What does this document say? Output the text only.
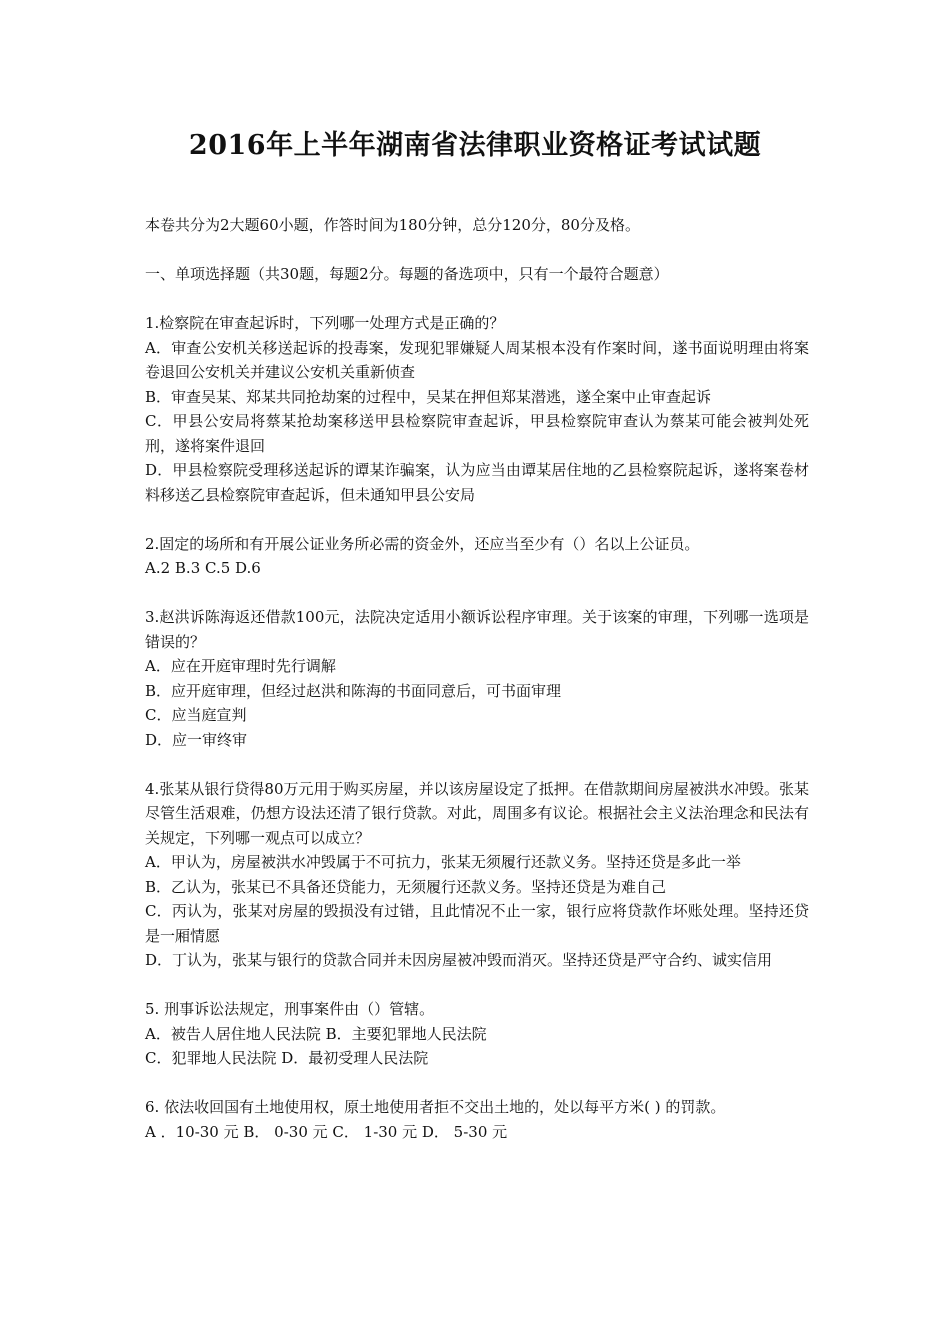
2016年上半年湖南省法律职业资格证考试试题

本卷共分为2大题60小题，作答时间为180分钟，总分120分，80分及格。

一、单项选择题（共30题，每题2分。每题的备选项中，只有一个最符合题意）

1.检察院在审查起诉时，下列哪一处理方式是正确的？

A．审查公安机关移送起诉的投毒案，发现犯罪嫌疑人周某根本没有作案时间，遂书面说明理由将案卷退回公安机关并建议公安机关重新侦查

B．审查吴某、郑某共同抢劫案的过程中，吴某在押但郑某潜逃，遂全案中止审查起诉

C．甲县公安局将蔡某抢劫案移送甲县检察院审查起诉，甲县检察院审查认为蔡某可能会被判处死刑，遂将案件退回

D．甲县检察院受理移送起诉的谭某诈骗案，认为应当由谭某居住地的乙县检察院起诉，遂将案卷材料移送乙县检察院审查起诉，但未通知甲县公安局

2.固定的场所和有开展公证业务所必需的资金外，还应当至少有（）名以上公证员。

A.2 B.3 C.5 D.6

3.赵洪诉陈海返还借款100元，法院决定适用小额诉讼程序审理。关于该案的审理，下列哪一选项是错误的？

A．应在开庭审理时先行调解

B．应开庭审理，但经过赵洪和陈海的书面同意后，可书面审理

C．应当庭宣判

D．应一审终审

4.张某从银行贷得80万元用于购买房屋，并以该房屋设定了抵押。在借款期间房屋被洪水冲毁。张某尽管生活艰难，仍想方设法还清了银行贷款。对此，周围多有议论。根据社会主义法治理念和民法有关规定，下列哪一观点可以成立？

A．甲认为，房屋被洪水冲毁属于不可抗力，张某无须履行还款义务。坚持还贷是多此一举

B．乙认为，张某已不具备还贷能力，无须履行还款义务。坚持还贷是为难自己

C．丙认为，张某对房屋的毁损没有过错，且此情况不止一家，银行应将贷款作坏账处理。坚持还贷是一厢情愿

D．丁认为，张某与银行的贷款合同并未因房屋被冲毁而消灭。坚持还贷是严守合约、诚实信用

5. 刑事诉讼法规定，刑事案件由（）管辖。

A．被告人居住地人民法院 B．主要犯罪地人民法院

C．犯罪地人民法院 D．最初受理人民法院

6. 依法收回国有土地使用权，原土地使用者拒不交出土地的，处以每平方米( ) 的罚款。

A ．10-30 元 B． 0-30 元 C． 1-30 元 D． 5-30 元
